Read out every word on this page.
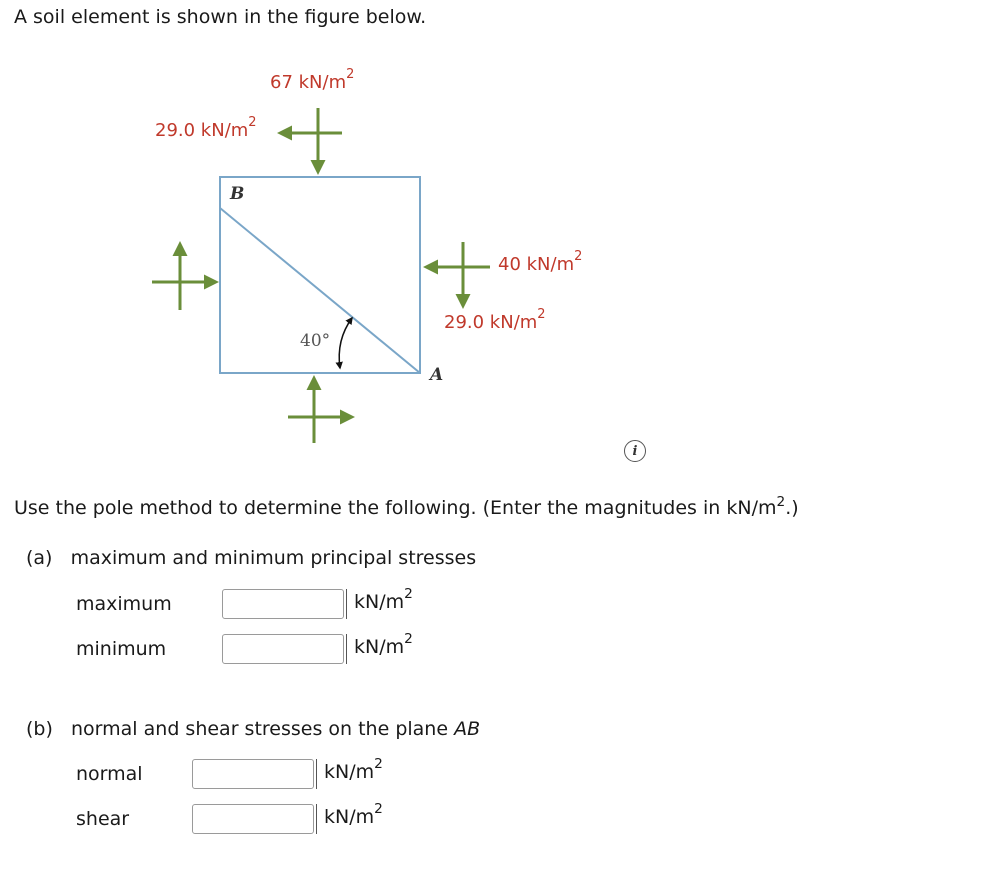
A soil element is shown in the figure below.
67 $kN/m^2$
29.0 $kN/m^2$
40 $kN/m^2$
29.0 $kN/m^2$
B
A
40°
i
Use the pole method to determine the following. (Enter the magnitudes in $kN/m^2$.)
(a) maximum and minimum principal stresses
maximum	$kN/m^2$
minimum	$kN/m^2$
(b) normal and shear stresses on the plane AB
normal	$kN/m^2$
shear	$kN/m^2$
